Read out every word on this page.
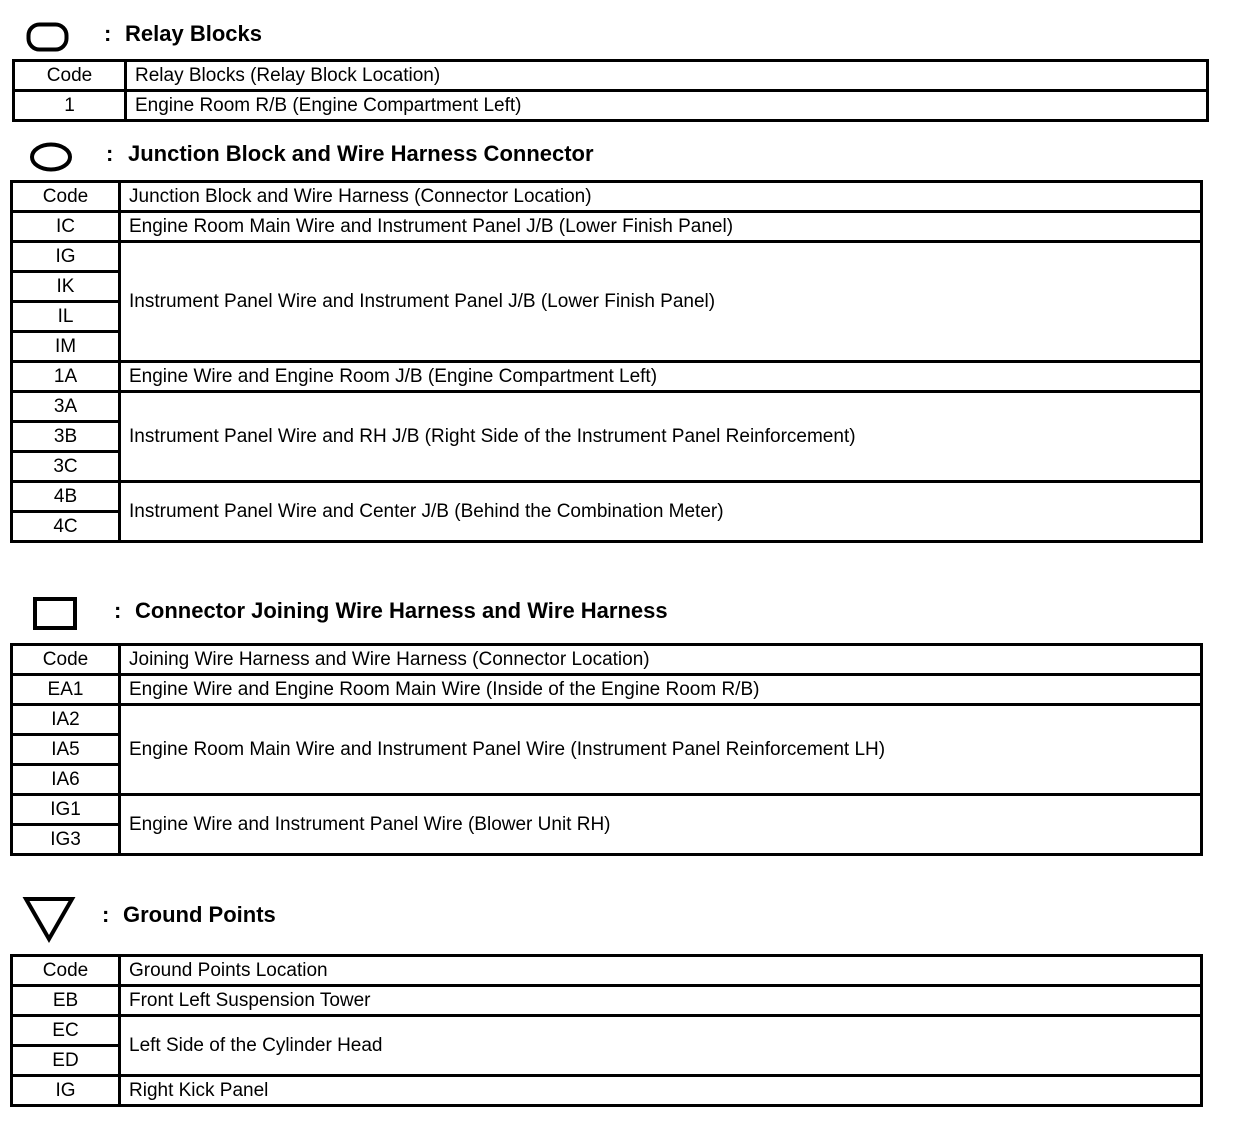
: Relay Blocks
Code	Relay Blocks (Relay Block Location)
1	Engine Room R/B (Engine Compartment Left)
: Junction Block and Wire Harness Connector
Code	Junction Block and Wire Harness (Connector Location)
IC	Engine Room Main Wire and Instrument Panel J/B (Lower Finish Panel)
IG	Instrument Panel Wire and Instrument Panel J/B (Lower Finish Panel)
IK	
IL	
IM	
1A	Engine Wire and Engine Room J/B (Engine Compartment Left)
3A	Instrument Panel Wire and RH J/B (Right Side of the Instrument Panel Reinforcement)
3B	
3C	
4B	Instrument Panel Wire and Center J/B (Behind the Combination Meter)
4C	
: Connector Joining Wire Harness and Wire Harness
Code	Joining Wire Harness and Wire Harness (Connector Location)
EA1	Engine Wire and Engine Room Main Wire (Inside of the Engine Room R/B)
IA2	Engine Room Main Wire and Instrument Panel Wire (Instrument Panel Reinforcement LH)
IA5	
IA6	
IG1	Engine Wire and Instrument Panel Wire (Blower Unit RH)
IG3	
: Ground Points
Code	Ground Points Location
EB	Front Left Suspension Tower
EC	Left Side of the Cylinder Head
ED	
IG	Right Kick Panel
